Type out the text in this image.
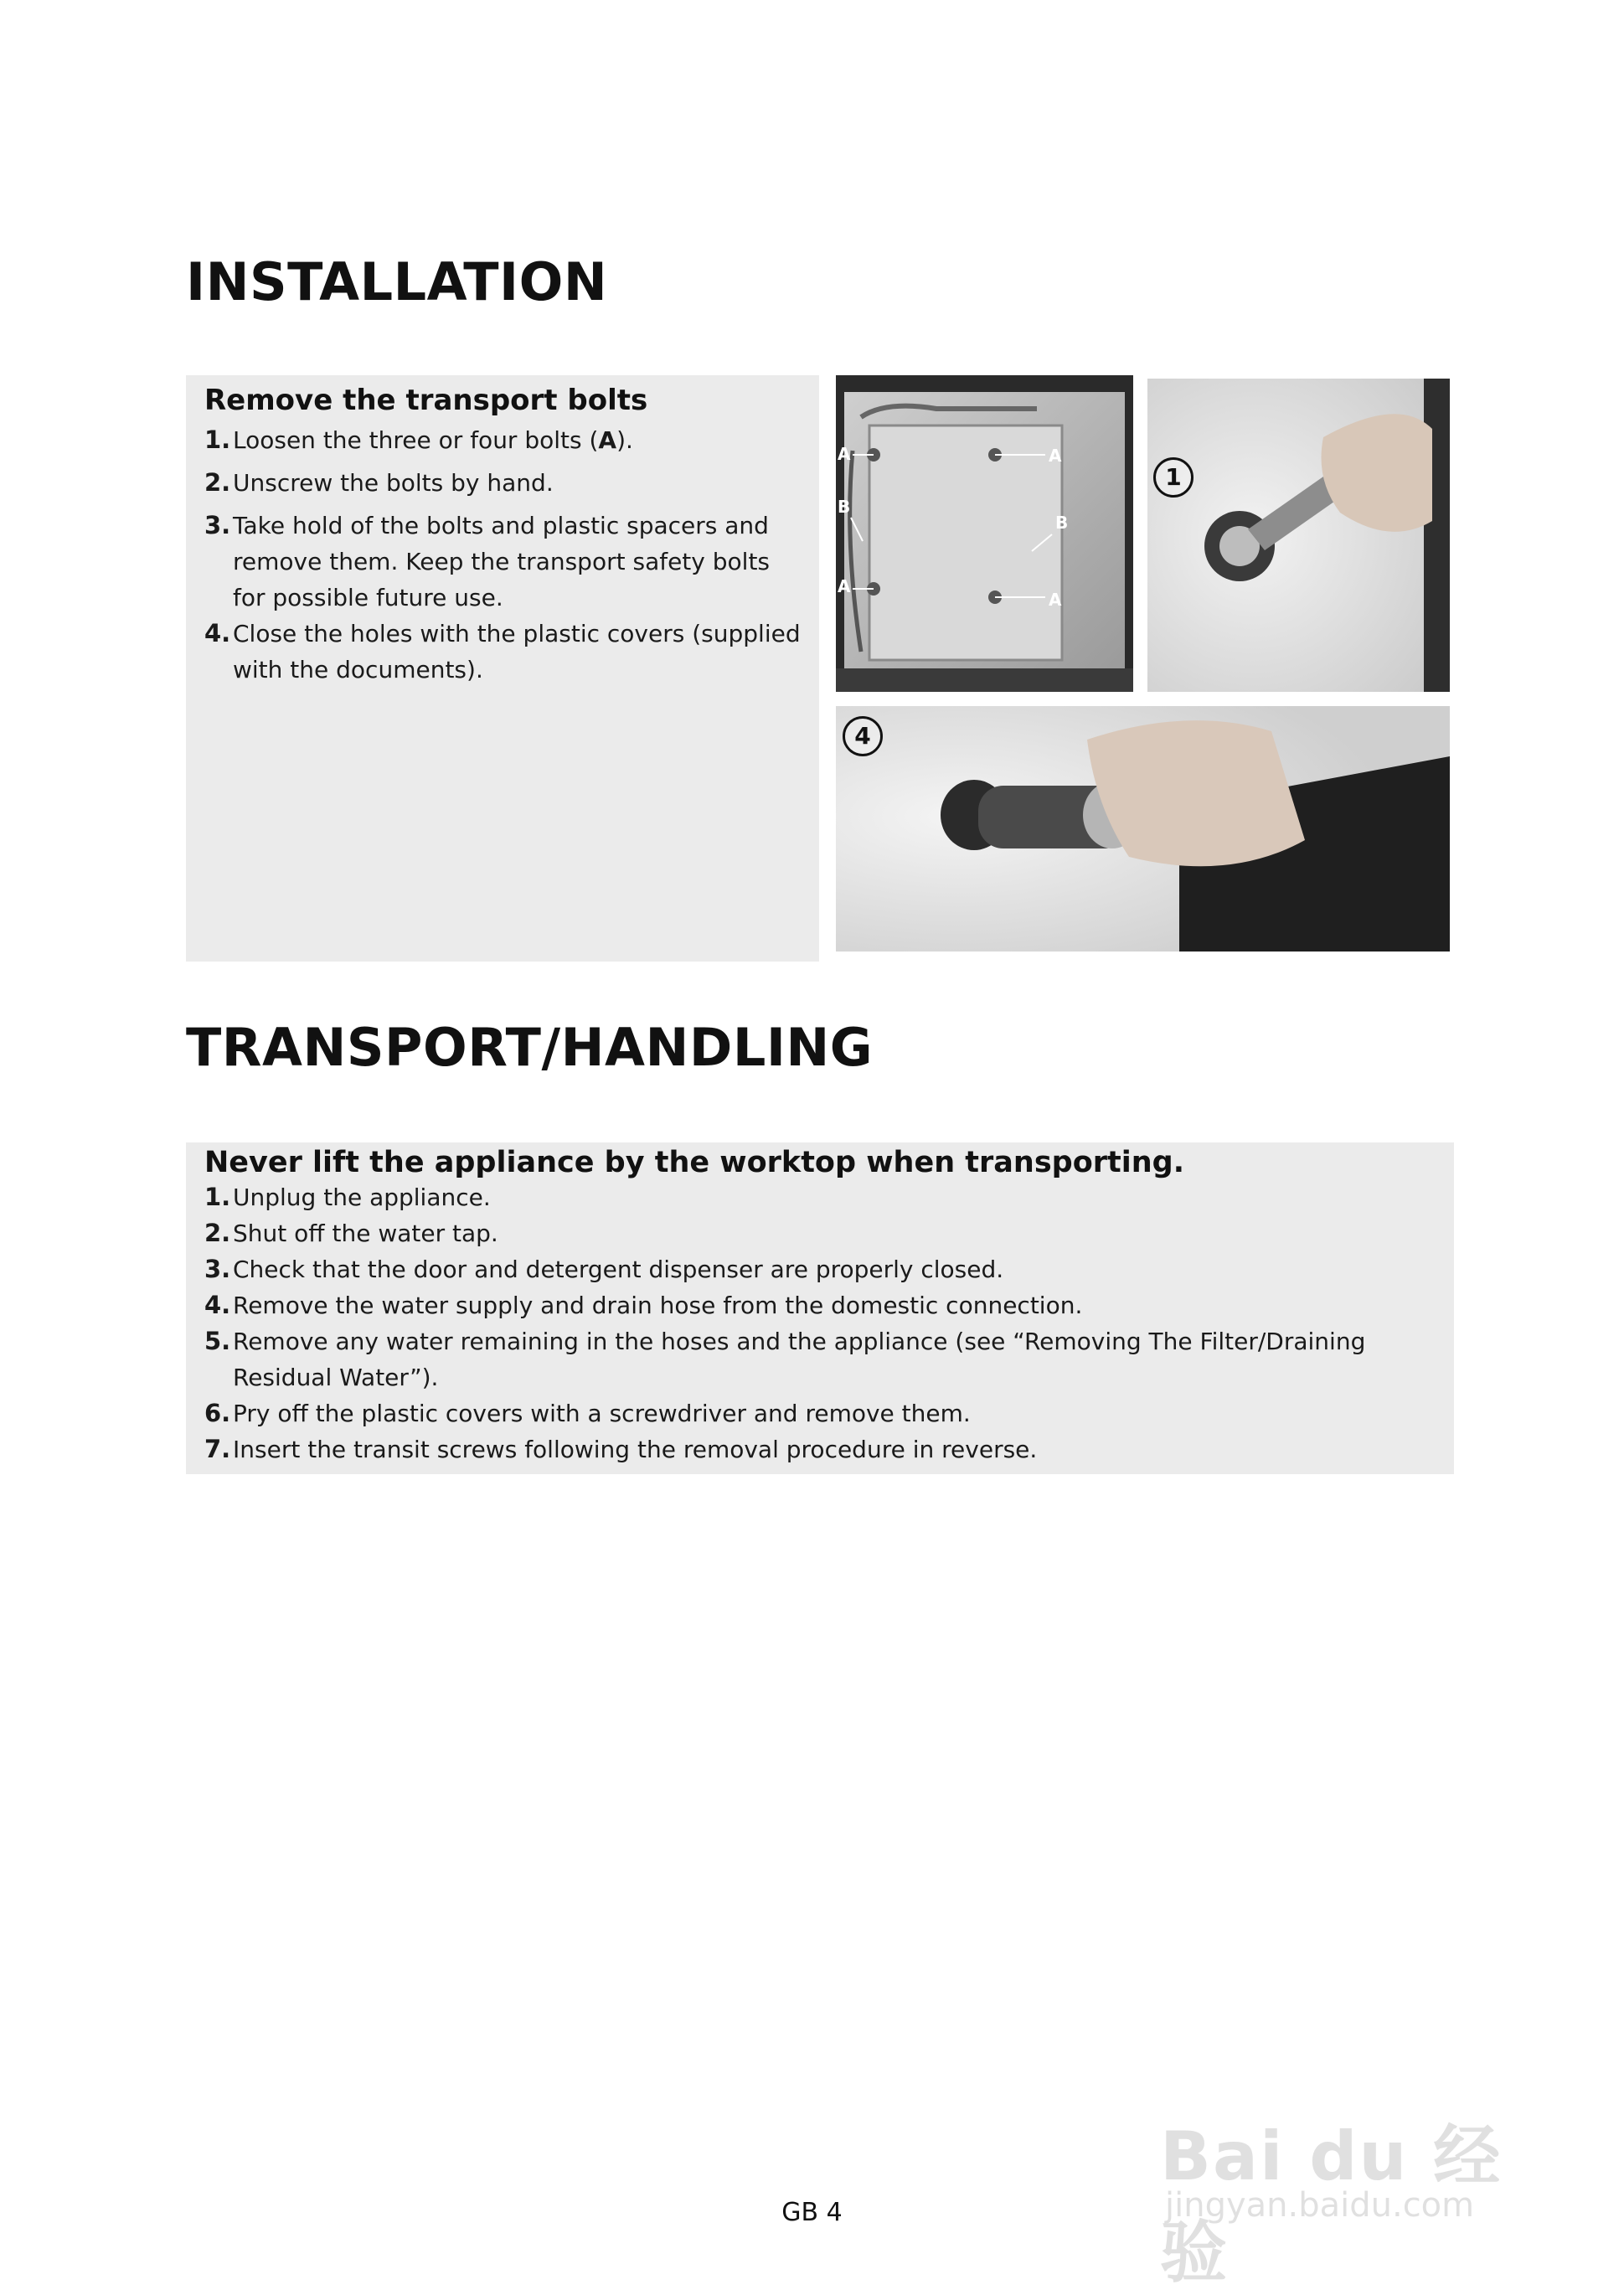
INSTALLATION

Remove the transport bolts

1. Loosen the three or four bolts (A).
2. Unscrew the bolts by hand.
3. Take hold of the bolts and plastic spacers and remove them. Keep the transport safety bolts for possible future use.
4. Close the holes with the plastic covers (supplied with the documents).
A	A
B
B
A
A
1
4
TRANSPORT/HANDLING

Never lift the appliance by the worktop when transporting.

1. Unplug the appliance.
2. Shut off the water tap.
3. Check that the door and detergent dispenser are properly closed.
4. Remove the water supply and drain hose from the domestic connection.
5. Remove any water remaining in the hoses and the appliance (see “Removing The Filter/Draining Residual Water”).
6. Pry off the plastic covers with a screwdriver and remove them.
7. Insert the transit screws following the removal procedure in reverse.
GB 4
Bai du 经验
jingyan.baidu.com
